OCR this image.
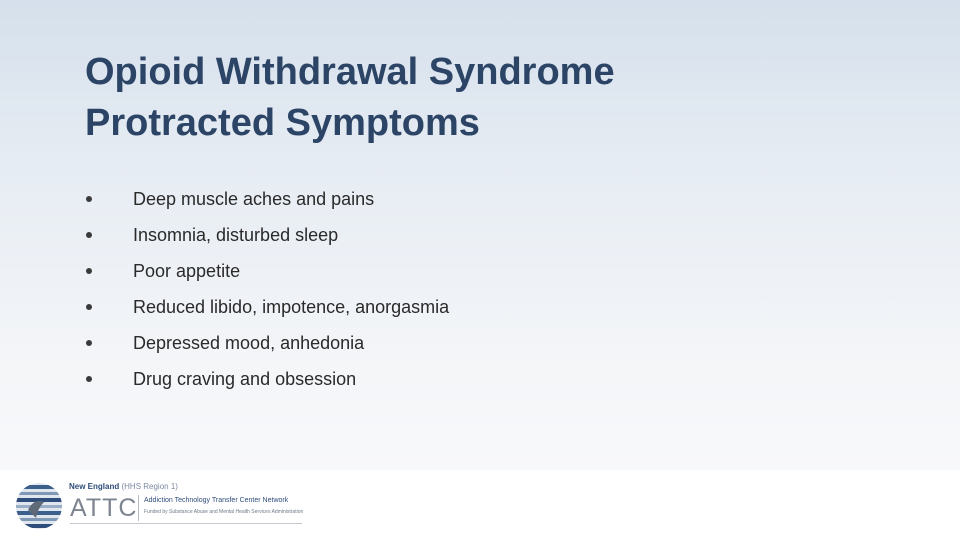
Opioid Withdrawal Syndrome
Protracted Symptoms
Deep muscle aches and pains
Insomnia, disturbed sleep
Poor appetite
Reduced libido, impotence, anorgasmia
Depressed mood, anhedonia
Drug craving and obsession
New England (HHS Region 1)
ATTC Addiction Technology Transfer Center Network
Funded by Substance Abuse and Mental Health Services Administration
